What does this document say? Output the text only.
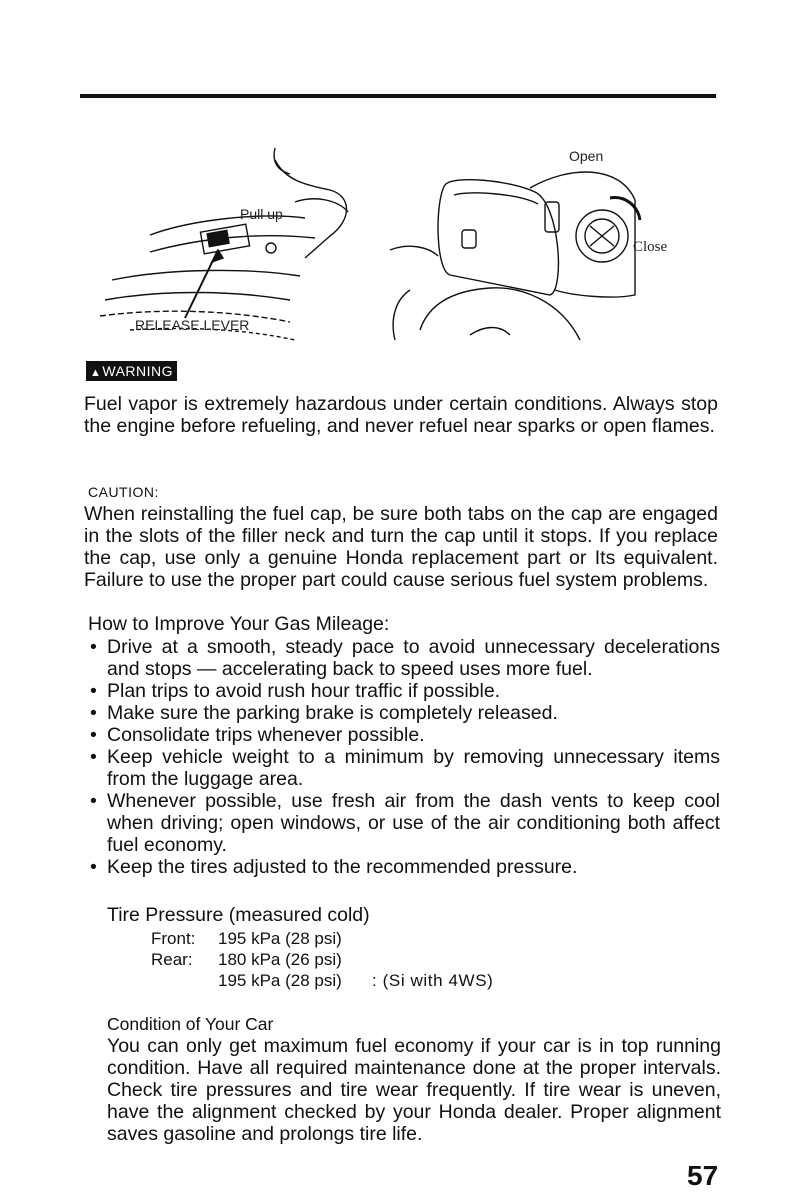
Open
Pull up
Close
RELEASE LEVER
▲WARNING
Fuel vapor is extremely hazardous under certain conditions. Always stop the engine before refueling, and never refuel near sparks or open flames.
CAUTION:
When reinstalling the fuel cap, be sure both tabs on the cap are engaged in the slots of the filler neck and turn the cap until it stops. If you replace the cap, use only a genuine Honda replacement part or Its equivalent. Failure to use the proper part could cause serious fuel system problems.
How to Improve Your Gas Mileage:
• Drive at a smooth, steady pace to avoid unnecessary decelerations and stops — accelerating back to speed uses more fuel.
• Plan trips to avoid rush hour traffic if possible.
• Make sure the parking brake is completely released.
• Consolidate trips whenever possible.
• Keep vehicle weight to a minimum by removing unnecessary items from the luggage area.
• Whenever possible, use fresh air from the dash vents to keep cool when driving; open windows, or use of the air conditioning both affect fuel economy.
• Keep the tires adjusted to the recommended pressure.
Tire Pressure (measured cold)
Front: 195 kPa (28 psi)
Rear: 180 kPa (26 psi)
195 kPa (28 psi) : (Si with 4WS)
Condition of Your Car
You can only get maximum fuel economy if your car is in top running condition. Have all required maintenance done at the proper intervals. Check tire pressures and tire wear frequently. If tire wear is uneven, have the alignment checked by your Honda dealer. Proper alignment saves gasoline and prolongs tire life.
57
